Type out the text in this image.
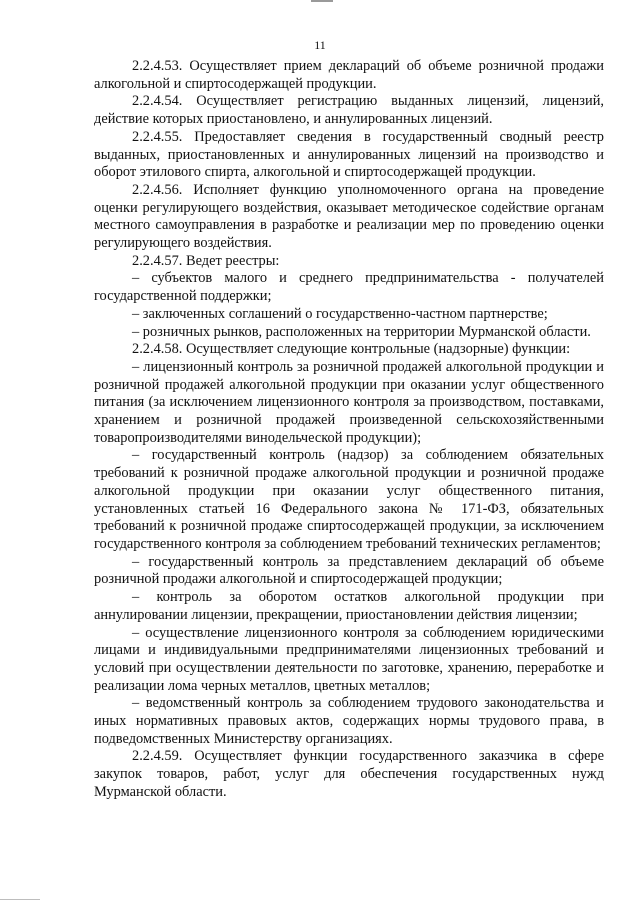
11

2.2.4.53. Осуществляет прием деклараций об объеме розничной продажи алкогольной и спиртосодержащей продукции.

2.2.4.54. Осуществляет регистрацию выданных лицензий, лицензий, действие которых приостановлено, и аннулированных лицензий.

2.2.4.55. Предоставляет сведения в государственный сводный реестр выданных, приостановленных и аннулированных лицензий на производство и оборот этилового спирта, алкогольной и спиртосодержащей продукции.

2.2.4.56. Исполняет функцию уполномоченного органа на проведение оценки регулирующего воздействия, оказывает методическое содействие органам местного самоуправления в разработке и реализации мер по проведению оценки регулирующего воздействия.

2.2.4.57. Ведет реестры:

– субъектов малого и среднего предпринимательства - получателей государственной поддержки;

– заключенных соглашений о государственно-частном партнерстве;

– розничных рынков, расположенных на территории Мурманской области.

2.2.4.58. Осуществляет следующие контрольные (надзорные) функции:

– лицензионный контроль за розничной продажей алкогольной продукции и розничной продажей алкогольной продукции при оказании услуг общественного питания (за исключением лицензионного контроля за производством, поставками, хранением и розничной продажей произведенной сельскохозяйственными товаропроизводителями винодельческой продукции);

– государственный контроль (надзор) за соблюдением обязательных требований к розничной продаже алкогольной продукции и розничной продаже алкогольной продукции при оказании услуг общественного питания, установленных статьей 16 Федерального закона № 171-ФЗ, обязательных требований к розничной продаже спиртосодержащей продукции, за исключением государственного контроля за соблюдением требований технических регламентов;

– государственный контроль за представлением деклараций об объеме розничной продажи алкогольной и спиртосодержащей продукции;

– контроль за оборотом остатков алкогольной продукции при аннулировании лицензии, прекращении, приостановлении действия лицензии;

– осуществление лицензионного контроля за соблюдением юридическими лицами и индивидуальными предпринимателями лицензионных требований и условий при осуществлении деятельности по заготовке, хранению, переработке и реализации лома черных металлов, цветных металлов;

– ведомственный контроль за соблюдением трудового законодательства и иных нормативных правовых актов, содержащих нормы трудового права, в подведомственных Министерству организациях.

2.2.4.59. Осуществляет функции государственного заказчика в сфере закупок товаров, работ, услуг для обеспечения государственных нужд Мурманской области.
